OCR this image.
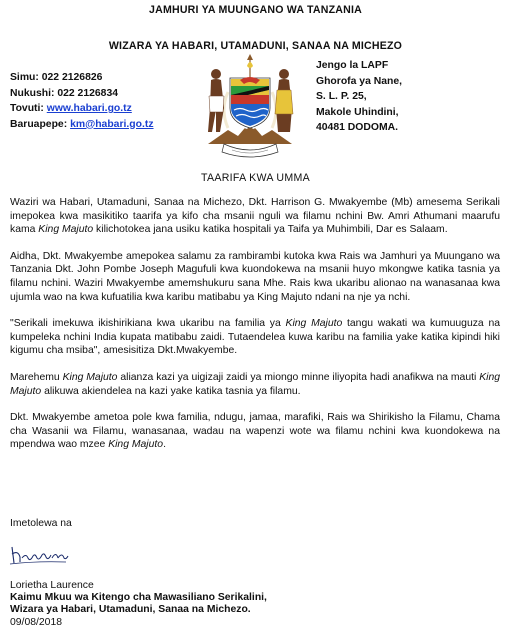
JAMHURI YA MUUNGANO WA TANZANIA
WIZARA YA HABARI, UTAMADUNI, SANAA NA MICHEZO
Simu: 022 2126826
Nukushi: 022 2126834
Tovuti: www.habari.go.tz
Baruapepe: km@habari.go.tz
Jengo la LAPF
Ghorofa ya Nane,
S. L. P. 25,
Makole Uhindini,
40481 DODOMA.
TAARIFA KWA UMMA

Waziri wa Habari, Utamaduni, Sanaa na Michezo, Dkt. Harrison G. Mwakyembe (Mb) amesema Serikali imepokea kwa masikitiko taarifa ya kifo cha msanii nguli wa filamu nchini Bw. Amri Athumani maarufu kama King Majuto kilichotokea jana usiku katika hospitali ya Taifa ya Muhimbili, Dar es Salaam.

Aidha, Dkt. Mwakyembe amepokea salamu za rambirambi kutoka kwa Rais wa Jamhuri ya Muungano wa Tanzania Dkt. John Pombe Joseph Magufuli kwa kuondokewa na msanii huyo mkongwe katika tasnia ya filamu nchini. Waziri Mwakyembe amemshukuru sana Mhe. Rais kwa ukaribu alionao na wanasanaa kwa ujumla wao na kwa kufuatilia kwa karibu matibabu ya King Majuto ndani na nje ya nchi.

"Serikali imekuwa ikishirikiana kwa ukaribu na familia ya King Majuto tangu wakati wa kumuuguza na kumpeleka nchini India kupata matibabu zaidi. Tutaendelea kuwa karibu na familia yake katika kipindi hiki kigumu cha msiba", amesisitiza Dkt.Mwakyembe.

Marehemu King Majuto alianza kazi ya uigizaji zaidi ya miongo minne iliyopita hadi anafikwa na mauti King Majuto alikuwa akiendelea na kazi yake katika tasnia ya filamu.

Dkt. Mwakyembe ametoa pole kwa familia, ndugu, jamaa, marafiki, Rais wa Shirikisho la Filamu, Chama cha Wasanii wa Filamu, wanasanaa, wadau na wapenzi wote wa filamu nchini kwa kuondokewa na mpendwa wao mzee King Majuto.

Imetolewa na
Lorietha Laurence
Kaimu Mkuu wa Kitengo cha Mawasiliano Serikalini,
Wizara ya Habari, Utamaduni, Sanaa na Michezo.
09/08/2018
